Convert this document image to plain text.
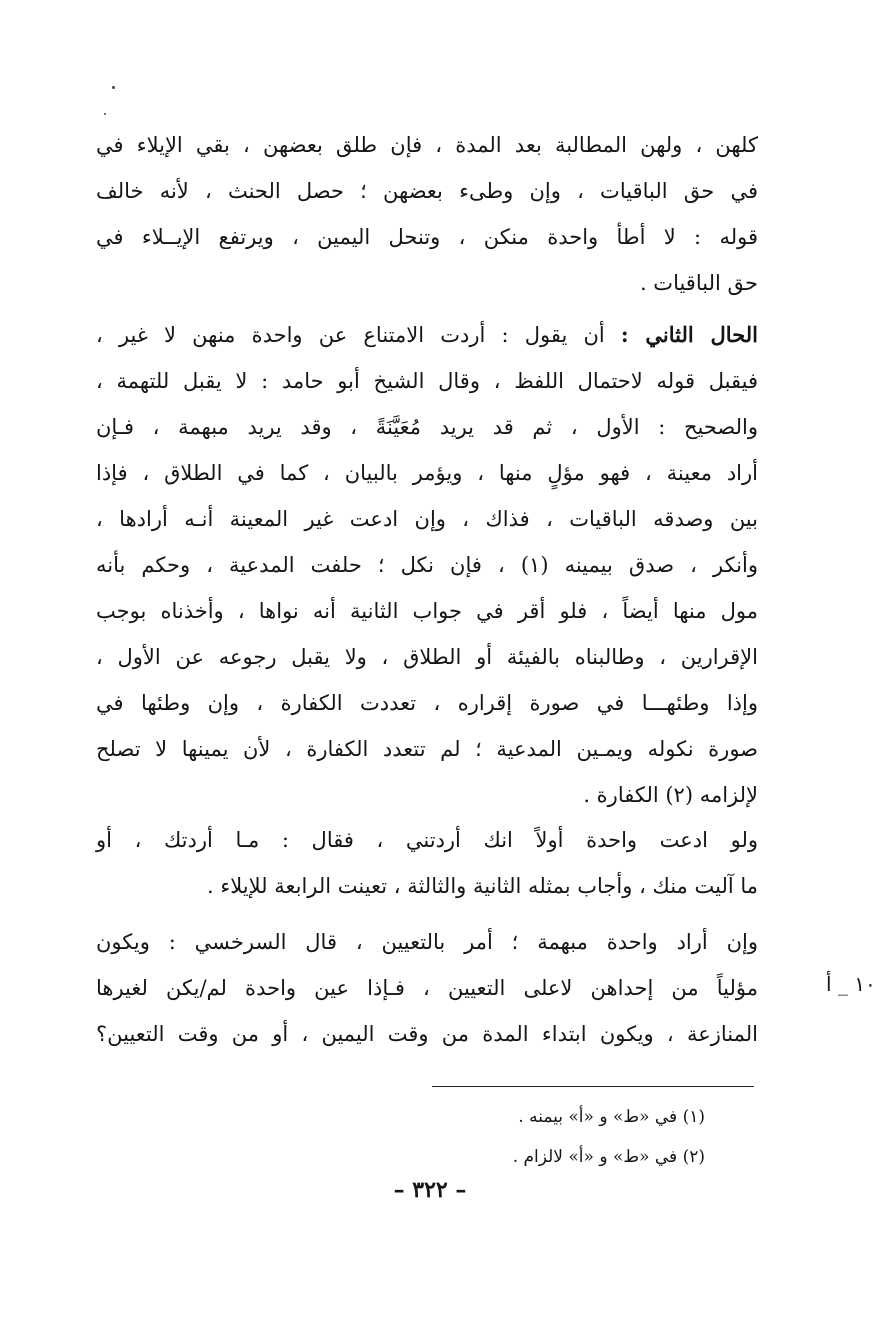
كلهن ، ولهن المطالبة بعد المدة ، فإن طلق بعضهن ، بقي الإيلاء في
في حق الباقيات ، وإن وطىء بعضهن ؛ حصل الحنث ، لأنه خالف
قوله : لا أطأ واحدة منكن ، وتنحل اليمين ، ويرتفع الإيــلاء في
حق الباقيات .
الحال الثاني : أن يقول : أردت الامتناع عن واحدة منهن لا غير ،
فيقبل قوله لاحتمال اللفظ ، وقال الشيخ أبو حامد : لا يقبل للتهمة ،
والصحيح : الأول ، ثم قد يريد مُعَيَّنَةً ، وقد يريد مبهمة ، فـإن
أراد معينة ، فهو مؤلٍ منها ، ويؤمر بالبيان ، كما في الطلاق ، فإذا
بين وصدقه الباقيات ، فذاك ، وإن ادعت غير المعينة أنـه أرادها ،
وأنكر ، صدق بيمينه (١) ، فإن نكل ؛ حلفت المدعية ، وحكم بأنه
مول منها أيضاً ، فلو أقر في جواب الثانية أنه نواها ، وأخذناه بوجب
الإقرارين ، وطالبناه بالفيئة أو الطلاق ، ولا يقبل رجوعه عن الأول ،
وإذا وطئهـــا في صورة إقراره ، تعددت الكفارة ، وإن وطئها في
صورة نكوله ويمـين المدعية ؛ لم تتعدد الكفارة ، لأن يمينها لا تصلح
لإلزامه (٢) الكفارة .
ولو ادعت واحدة أولاً انك أردتني ، فقال : مـا أردتك ، أو
ما آليت منك ، وأجاب بمثله الثانية والثالثة ، تعينت الرابعة للإيلاء .
وإن أراد واحدة مبهمة ؛ أمر بالتعيين ، قال السرخسي : ويكون
مؤلياً من إحداهن لاعلى التعيين ، فـإذا عين واحدة لم/يكن لغيرها
المنازعة ، ويكون ابتداء المدة من وقت اليمين ، أو من وقت التعيين؟
١٠ _ أ
(١) في «ط» و «أ» بيمنه .
(٢) في «ط» و «أ» لالزام .
– ٣٢٢ –
